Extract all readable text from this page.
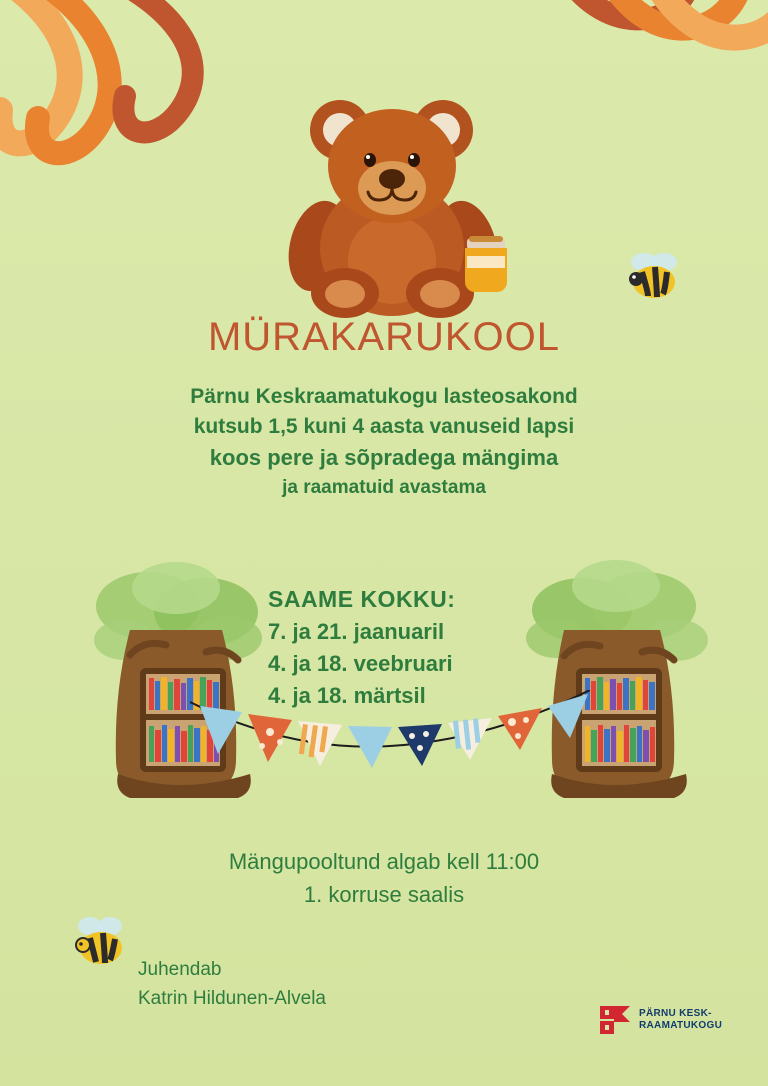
MÜRAKARUKOOL
Pärnu Keskraamatukogu lasteosakond
kutsub 1,5 kuni 4 aasta vanuseid lapsi
koos pere ja sõpradega mängima
ja raamatuid avastama
SAAME KOKKU:
7. ja 21. jaanuaril
4. ja 18. veebruari
4. ja 18. märtsil
Mängupooltund algab kell 11:00
1. korruse saalis
Juhendab
Katrin Hildunen-Alvela
PÄRNU KESK-
RAAMATUKOGU
